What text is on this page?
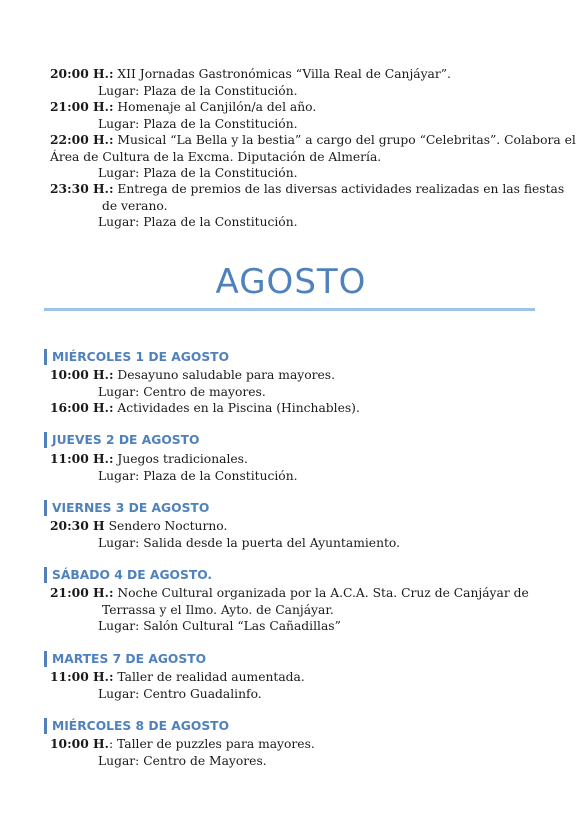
20:00 H.: XII Jornadas Gastronómicas “Villa Real de Canjáyar”.
Lugar: Plaza de la Constitución.
21:00 H.: Homenaje al Canjilón/a del año.
Lugar: Plaza de la Constitución.
22:00 H.: Musical “La Bella y la bestia” a cargo del grupo “Celebritas”. Colabora el
Área de Cultura de la Excma. Diputación de Almería.
Lugar: Plaza de la Constitución.
23:30 H.: Entrega de premios de las diversas actividades realizadas en las fiestas
de verano.
Lugar: Plaza de la Constitución.
AGOSTO
MIÉRCOLES 1 DE AGOSTO
10:00 H.: Desayuno saludable para mayores.
Lugar: Centro de mayores.
16:00 H.: Actividades en la Piscina (Hinchables).
JUEVES 2 DE AGOSTO
11:00 H.: Juegos tradicionales.
Lugar: Plaza de la Constitución.
VIERNES 3 DE AGOSTO
20:30 H Sendero Nocturno.
Lugar: Salida desde la puerta del Ayuntamiento.
SÁBADO 4 DE AGOSTO.
21:00 H.: Noche Cultural organizada por la A.C.A. Sta. Cruz de Canjáyar de
Terrassa y el Ilmo. Ayto. de Canjáyar.
Lugar: Salón Cultural “Las Cañadillas”
MARTES 7 DE AGOSTO
11:00 H.: Taller de realidad aumentada.
Lugar: Centro Guadalinfo.
MIÉRCOLES 8 DE AGOSTO
10:00 H.: Taller de puzzles para mayores.
Lugar: Centro de Mayores.
